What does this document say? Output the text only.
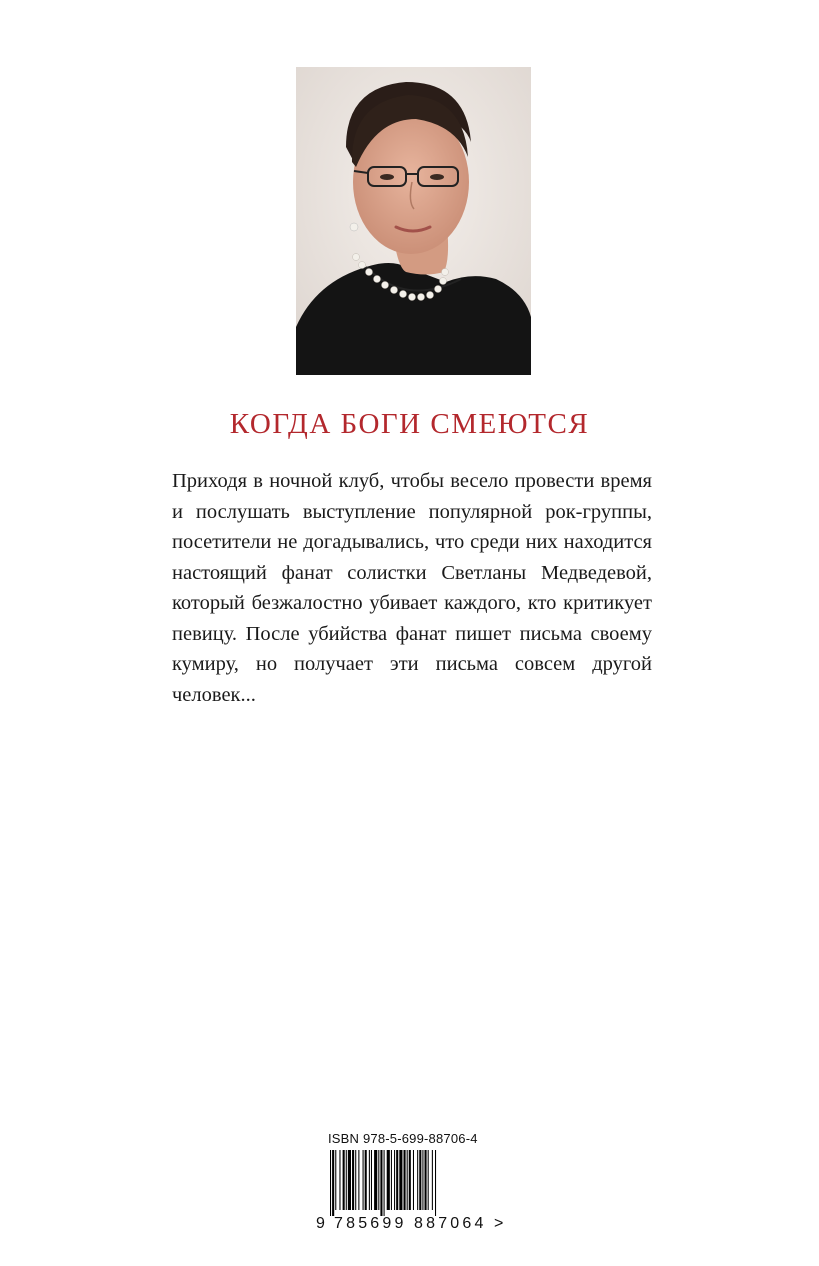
КОГДА БОГИ СМЕЮТСЯ
Приходя в ночной клуб, чтобы весело провести время и послушать выступление популярной рок-группы, посетители не догадывались, что среди них находится настоящий фанат солистки Светланы Медведевой, который безжалостно убивает каждого, кто критикует певицу. После убийства фанат пишет письма своему кумиру, но получает эти письма совсем другой человек...
ISBN 978-5-699-88706-4
9 785699 887064 >
